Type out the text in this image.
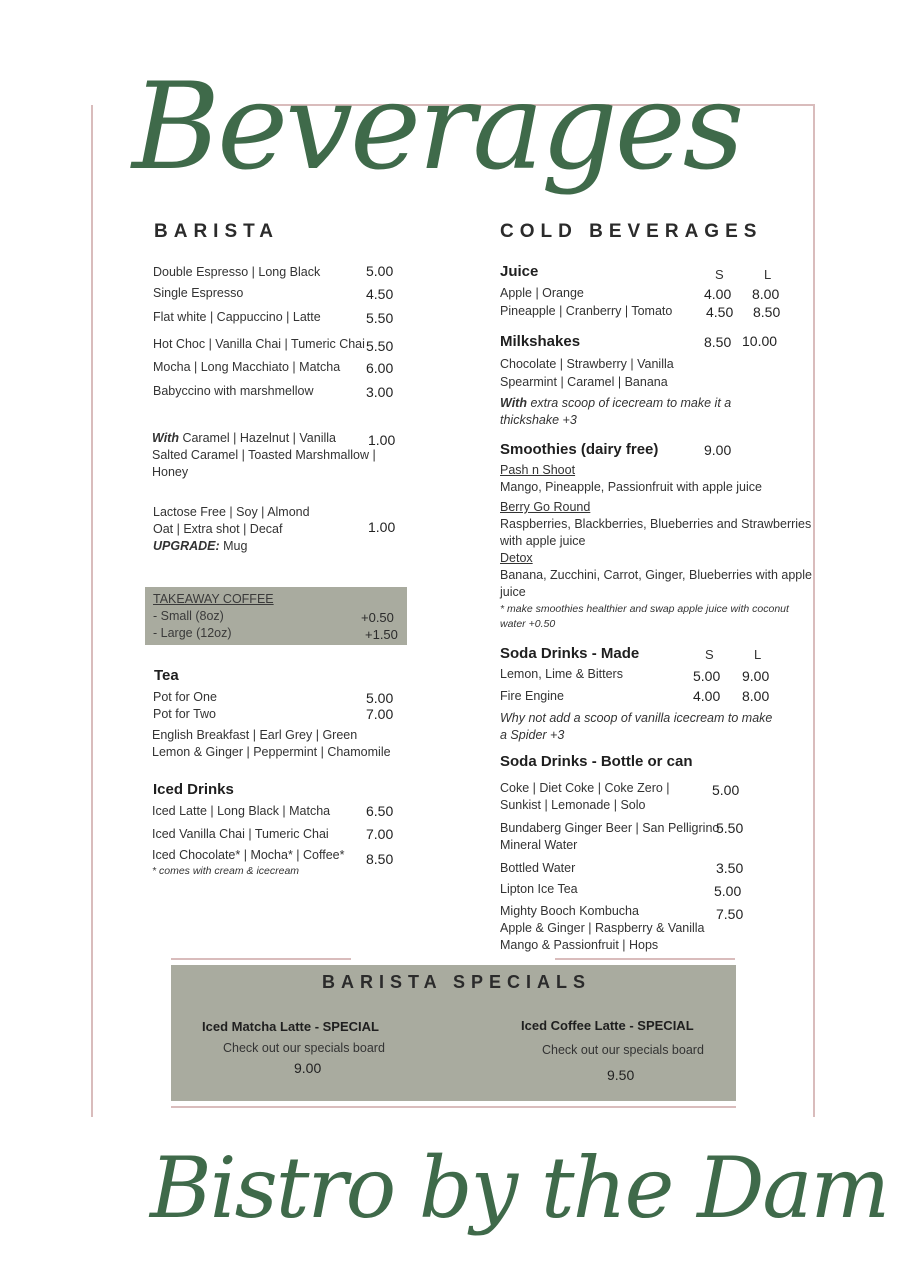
Beverages
BARISTA
Double Espresso | Long Black	5.00
Single Espresso	4.50
Flat white | Cappuccino | Latte	5.50
Hot Choc | Vanilla Chai | Tumeric Chai 5.50
Mocha | Long Macchiato | Matcha 6.00
Babyccino with marshmellow	3.00
With Caramel | Hazelnut | Vanilla 1.00
Salted Caramel | Toasted Marshmallow |
Honey
Lactose Free | Soy | Almond
Oat | Extra shot | Decaf	1.00
UPGRADE: Mug
TAKEAWAY COFFEE
- Small (8oz)	+0.50
- Large (12oz)	+1.50
Tea
Pot for One	5.00
Pot for Two	7.00
English Breakfast | Earl Grey | Green
Lemon & Ginger | Peppermint | Chamomile
Iced Drinks
Iced Latte | Long Black | Matcha	6.50
Iced Vanilla Chai | Tumeric Chai	7.00
Iced Chocolate* | Mocha* | Coffee* 8.50
* comes with cream & icecream
COLD BEVERAGES
Juice	S	L
Apple | Orange	4.00 8.00
Pineapple | Cranberry | Tomato 4.50 8.50
Milkshakes	8.50 10.00
Chocolate | Strawberry | Vanilla
Spearmint | Caramel | Banana
With extra scoop of icecream to make it a
thickshake +3
Smoothies (dairy free)	9.00
Pash n Shoot
Mango, Pineapple, Passionfruit with apple juice
Berry Go Round
Raspberries, Blackberries, Blueberries and Strawberries
with apple juice
Detox
Banana, Zucchini, Carrot, Ginger, Blueberries with apple
juice
* make smoothies healthier and swap apple juice with coconut
water +0.50
Soda Drinks - Made	S	L
Lemon, Lime & Bitters	5.00 9.00
Fire Engine	4.00 8.00
Why not add a scoop of vanilla icecream to make
a Spider +3
Soda Drinks - Bottle or can
Coke | Diet Coke | Coke Zero |
Sunkist | Lemonade | Solo
5.00
Bundaberg Ginger Beer | San Pelligrino
Mineral Water
5.50
Bottled Water	3.50
Lipton Ice Tea	5.00
Mighty Booch Kombucha
Apple & Ginger | Raspberry & Vanilla
Mango & Passionfruit | Hops
7.50
BARISTA SPECIALS
Iced Matcha Latte - SPECIAL
Check out our specials board
9.00
Iced Coffee Latte - SPECIAL
Check out our specials board
9.50
Bistro by the Dam
